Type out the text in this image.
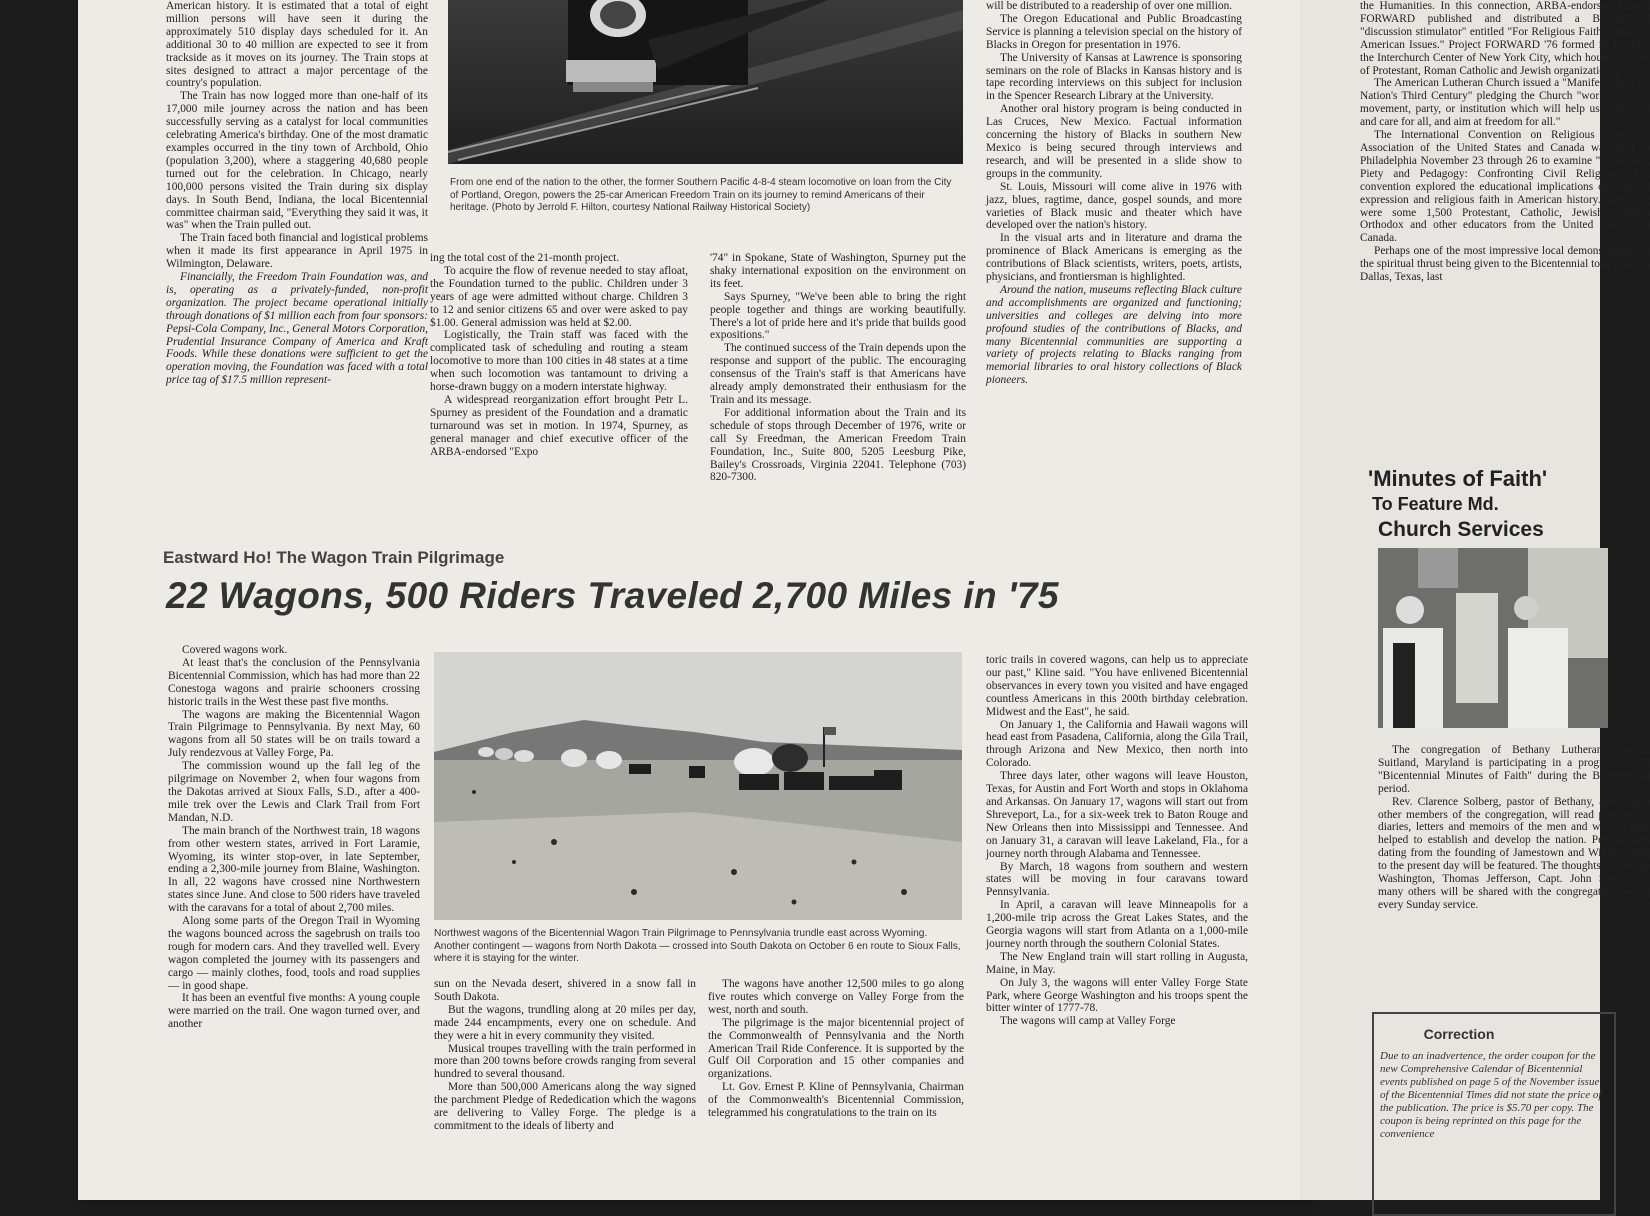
American history. It is estimated that a total of eight million persons will have seen it during the approximately 510 display days scheduled for it. An additional 30 to 40 million are expected to see it from trackside as it moves on its journey. The Train stops at sites designed to attract a major percentage of the country's population.

The Train has now logged more than one-half of its 17,000 mile journey across the nation and has been successfully serving as a catalyst for local communities celebrating America's birthday. One of the most dramatic examples occurred in the tiny town of Archbold, Ohio (population 3,200), where a staggering 40,680 people turned out for the celebration. In Chicago, nearly 100,000 persons visited the Train during six display days. In South Bend, Indiana, the local Bicentennial committee chairman said, "Everything they said it was, it was" when the Train pulled out.

The Train faced both financial and logistical problems when it made its first appearance in April 1975 in Wilmington, Delaware.

Financially, the Freedom Train Foundation was, and is, operating as a privately-funded, non-profit organization. The project became operational initially through donations of $1 million each from four sponsors: Pepsi-Cola Company, Inc., General Motors Corporation, Prudential Insurance Company of America and Kraft Foods. While these donations were sufficient to get the operation moving, the Foundation was faced with a total price tag of $17.5 million represent-

From one end of the nation to the other, the former Southern Pacific 4-8-4 steam locomotive on loan from the City of Portland, Oregon, powers the 25-car American Freedom Train on its journey to remind Americans of their heritage. (Photo by Jerrold F. Hilton, courtesy National Railway Historical Society)

ing the total cost of the 21-month project.

To acquire the flow of revenue needed to stay afloat, the Foundation turned to the public. Children under 3 years of age were admitted without charge. Children 3 to 12 and senior citizens 65 and over were asked to pay $1.00. General admission was held at $2.00.

Logistically, the Train staff was faced with the complicated task of scheduling and routing a steam locomotive to more than 100 cities in 48 states at a time when such locomotion was tantamount to driving a horse-drawn buggy on a modern interstate highway.

A widespread reorganization effort brought Petr L. Spurney as president of the Foundation and a dramatic turnaround was set in motion. In 1974, Spurney, as general manager and chief executive officer of the ARBA-endorsed "Expo

'74" in Spokane, State of Washington, Spurney put the shaky international exposition on the environment on its feet.

Says Spurney, "We've been able to bring the right people together and things are working beautifully. There's a lot of pride here and it's pride that builds good expositions."

The continued success of the Train depends upon the response and support of the public. The encouraging consensus of the Train's staff is that Americans have already amply demonstrated their enthusiasm for the Train and its message.

For additional information about the Train and its schedule of stops through December of 1976, write or call Sy Freedman, the American Freedom Train Foundation, Inc., Suite 800, 5205 Leesburg Pike, Bailey's Crossroads, Virginia 22041. Telephone (703) 820-7300.

will be distributed to a readership of over one million.

The Oregon Educational and Public Broadcasting Service is planning a television special on the history of Blacks in Oregon for presentation in 1976.

The University of Kansas at Lawrence is sponsoring seminars on the role of Blacks in Kansas history and is tape recording interviews on this subject for inclusion in the Spencer Research Library at the University.

Another oral history program is being conducted in Las Cruces, New Mexico. Factual information concerning the history of Blacks in southern New Mexico is being secured through interviews and research, and will be presented in a slide show to groups in the community.

St. Louis, Missouri will come alive in 1976 with jazz, blues, ragtime, dance, gospel sounds, and more varieties of Black music and theater which have developed over the nation's history.

In the visual arts and in literature and drama the prominence of Black Americans is emerging as the contributions of Black scientists, writers, poets, artists, physicians, and frontiersman is highlighted.

Around the nation, museums reflecting Black culture and accomplishments are organized and functioning; universities and colleges are delving into more profound studies of the contributions of Blacks, and many Bicentennial communities are supporting a variety of projects relating to Blacks ranging from memorial libraries to oral history collections of Black pioneers.

Eastward Ho! The Wagon Train Pilgrimage
22 Wagons, 500 Riders Traveled 2,700 Miles in '75

Covered wagons work.

At least that's the conclusion of the Pennsylvania Bicentennial Commission, which has had more than 22 Conestoga wagons and prairie schooners crossing historic trails in the West these past five months.

The wagons are making the Bicentennial Wagon Train Pilgrimage to Pennsylvania. By next May, 60 wagons from all 50 states will be on trails toward a July rendezvous at Valley Forge, Pa.

The commission wound up the fall leg of the pilgrimage on November 2, when four wagons from the Dakotas arrived at Sioux Falls, S.D., after a 400-mile trek over the Lewis and Clark Trail from Fort Mandan, N.D.

The main branch of the Northwest train, 18 wagons from other western states, arrived in Fort Laramie, Wyoming, its winter stop-over, in late September, ending a 2,300-mile journey from Blaine, Washington. In all, 22 wagons have crossed nine Northwestern states since June. And close to 500 riders have traveled with the caravans for a total of about 2,700 miles.

Along some parts of the Oregon Trail in Wyoming the wagons bounced across the sagebrush on trails too rough for modern cars. And they travelled well. Every wagon completed the journey with its passengers and cargo — mainly clothes, food, tools and road supplies — in good shape.

It has been an eventful five months: A young couple were married on the trail. One wagon turned over, and another

Northwest wagons of the Bicentennial Wagon Train Pilgrimage to Pennsylvania trundle east across Wyoming. Another contingent — wagons from North Dakota — crossed into South Dakota on October 6 en route to Sioux Falls, where it is staying for the winter.

sun on the Nevada desert, shivered in a snow fall in South Dakota.

But the wagons, trundling along at 20 miles per day, made 244 encampments, every one on schedule. And they were a hit in every community they visited.

Musical troupes travelling with the train performed in more than 200 towns before crowds ranging from several hundred to several thousand.

More than 500,000 Americans along the way signed the parchment Pledge of Rededication which the wagons are delivering to Valley Forge. The pledge is a commitment to the ideals of liberty and

The wagons have another 12,500 miles to go along five routes which converge on Valley Forge from the west, north and south.

The pilgrimage is the major bicentennial project of the Commonwealth of Pennsylvania and the North American Trail Ride Conference. It is supported by the Gulf Oil Corporation and 15 other companies and organizations.

Lt. Gov. Ernest P. Kline of Pennsylvania, Chairman of the Commonwealth's Bicentennial Commission, telegrammed his congratulations to the train on its

toric trails in covered wagons, can help us to appreciate our past," Kline said. "You have enlivened Bicentennial observances in every town you visited and have engaged countless Americans in this 200th birthday celebration. Midwest and the East", he said.

On January 1, the California and Hawaii wagons will head east from Pasadena, California, along the Gila Trail, through Arizona and New Mexico, then north into Colorado.

Three days later, other wagons will leave Houston, Texas, for Austin and Fort Worth and stops in Oklahoma and Arkansas. On January 17, wagons will start out from Shreveport, La., for a six-week trek to Baton Rouge and New Orleans then into Mississippi and Tennessee. And on January 31, a caravan will leave Lakeland, Fla., for a journey north through Alabama and Tennessee.

By March, 18 wagons from southern and western states will be moving in four caravans toward Pennsylvania.

In April, a caravan will leave Minneapolis for a 1,200-mile trip across the Great Lakes States, and the Georgia wagons will start from Atlanta on a 1,000-mile journey north through the southern Colonial States.

The New England train will start rolling in Augusta, Maine, in May.

On July 3, the wagons will enter Valley Forge State Park, where George Washington and his troops spent the bitter winter of 1777-78.

The wagons will camp at Valley Forge

the Humanities. In this connection, ARBA-endorsed Project FORWARD published and distributed a Bicentennial "discussion stimulator" entitled "For Religious Faith Speaks to American Issues." Project FORWARD '76 formed in 1974 by the Interchurch Center of New York City, which houses offices of Protestant, Roman Catholic and Jewish organizations.

The American Lutheran Church issued a "Manifesto for Our Nation's Third Century" pledging the Church "work with any movement, party, or institution which will help us to respect and care for all, and aim at freedom for all."

The International Convention on Religious Education Association of the United States and Canada was held in Philadelphia November 23 through 26 to examine "Patriotism, Piety and Pedagogy: Confronting Civil Religion." The convention explored the educational implications of political expression and religious faith in American history. Attending were some 1,500 Protestant, Catholic, Jewish, Eastern Orthodox and other educators from the United States and Canada.

Perhaps one of the most impressive local demonstrations of the spiritual thrust being given to the Bicentennial took place in Dallas, Texas, last

'Minutes of Faith'
To Feature Md.
Church Services

The congregation of Bethany Lutheran Church, Suitland, Maryland is participating in a program called "Bicentennial Minutes of Faith" during the Bicentennial period.

Rev. Clarence Solberg, pastor of Bethany, along with other members of the congregation, will read portions of diaries, letters and memoirs of the men and women who helped to establish and develop the nation. Personalities dating from the founding of Jamestown and Williamsburg to the present day will be featured. The thoughts of George Washington, Thomas Jefferson, Capt. John Smith and many others will be shared with the congregation during every Sunday service.

Correction
Due to an inadvertence, the order coupon for the new Comprehensive Calendar of Bicentennial events published on page 5 of the November issue of the Bicentennial Times did not state the price of the publication. The price is $5.70 per copy. The coupon is being reprinted on this page for the convenience
